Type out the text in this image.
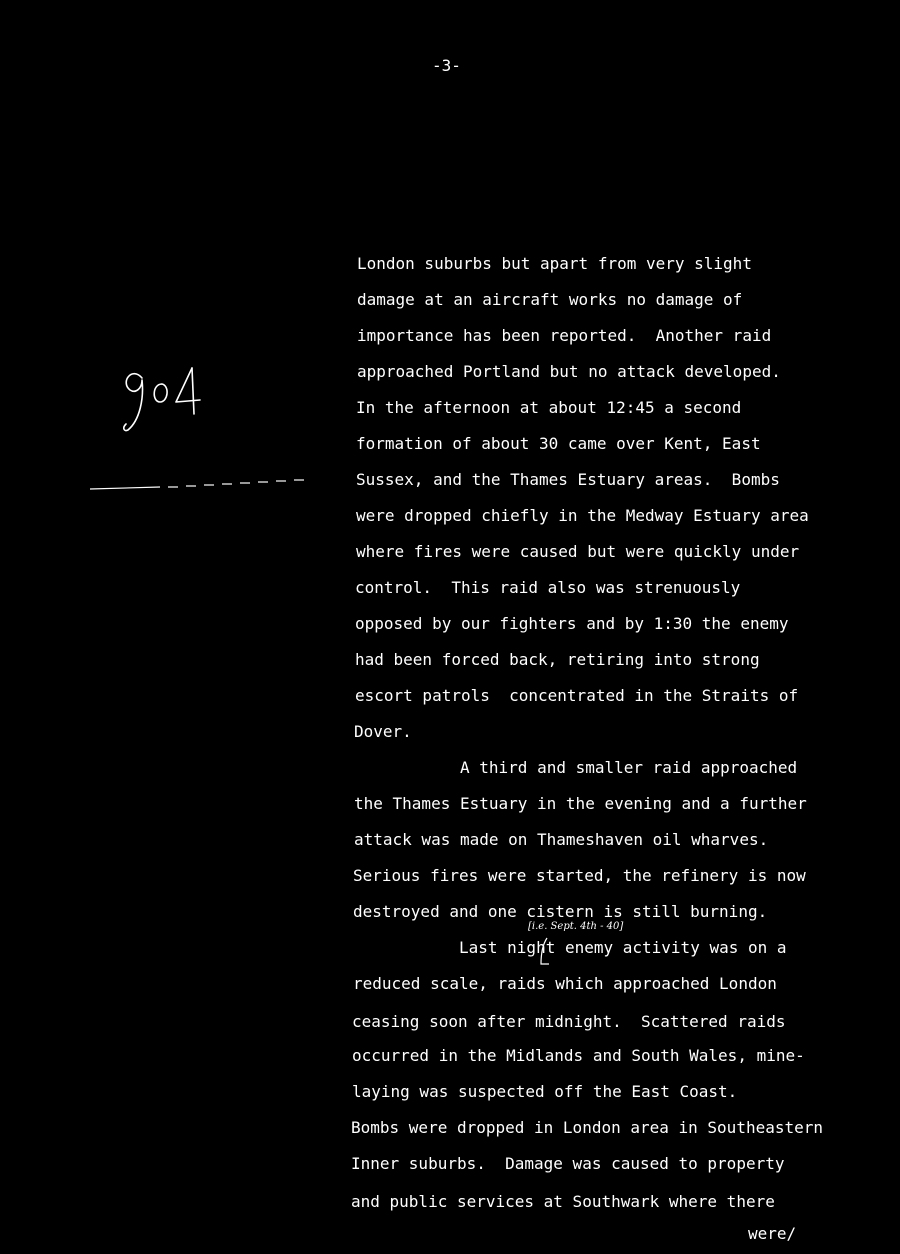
-3-
London suburbs but apart from very slight
damage at an aircraft works no damage of
importance has been reported.  Another raid
approached Portland but no attack developed.
In the afternoon at about 12:45 a second
formation of about 30 came over Kent, East
Sussex, and the Thames Estuary areas.  Bombs
were dropped chiefly in the Medway Estuary area
where fires were caused but were quickly under
control.  This raid also was strenuously
opposed by our fighters and by 1:30 the enemy
had been forced back, retiring into strong
escort patrols  concentrated in the Straits of
Dover.
A third and smaller raid approached
the Thames Estuary in the evening and a further
attack was made on Thameshaven oil wharves.
Serious fires were started, the refinery is now
destroyed and one cistern is still burning.
Last night enemy activity was on a
reduced scale, raids which approached London
ceasing soon after midnight.  Scattered raids
occurred in the Midlands and South Wales, mine-
laying was suspected off the East Coast.
Bombs were dropped in London area in Southeastern
Inner suburbs.  Damage was caused to property
and public services at Southwark where there
[i.e. Sept. 4th - 40]
were/
